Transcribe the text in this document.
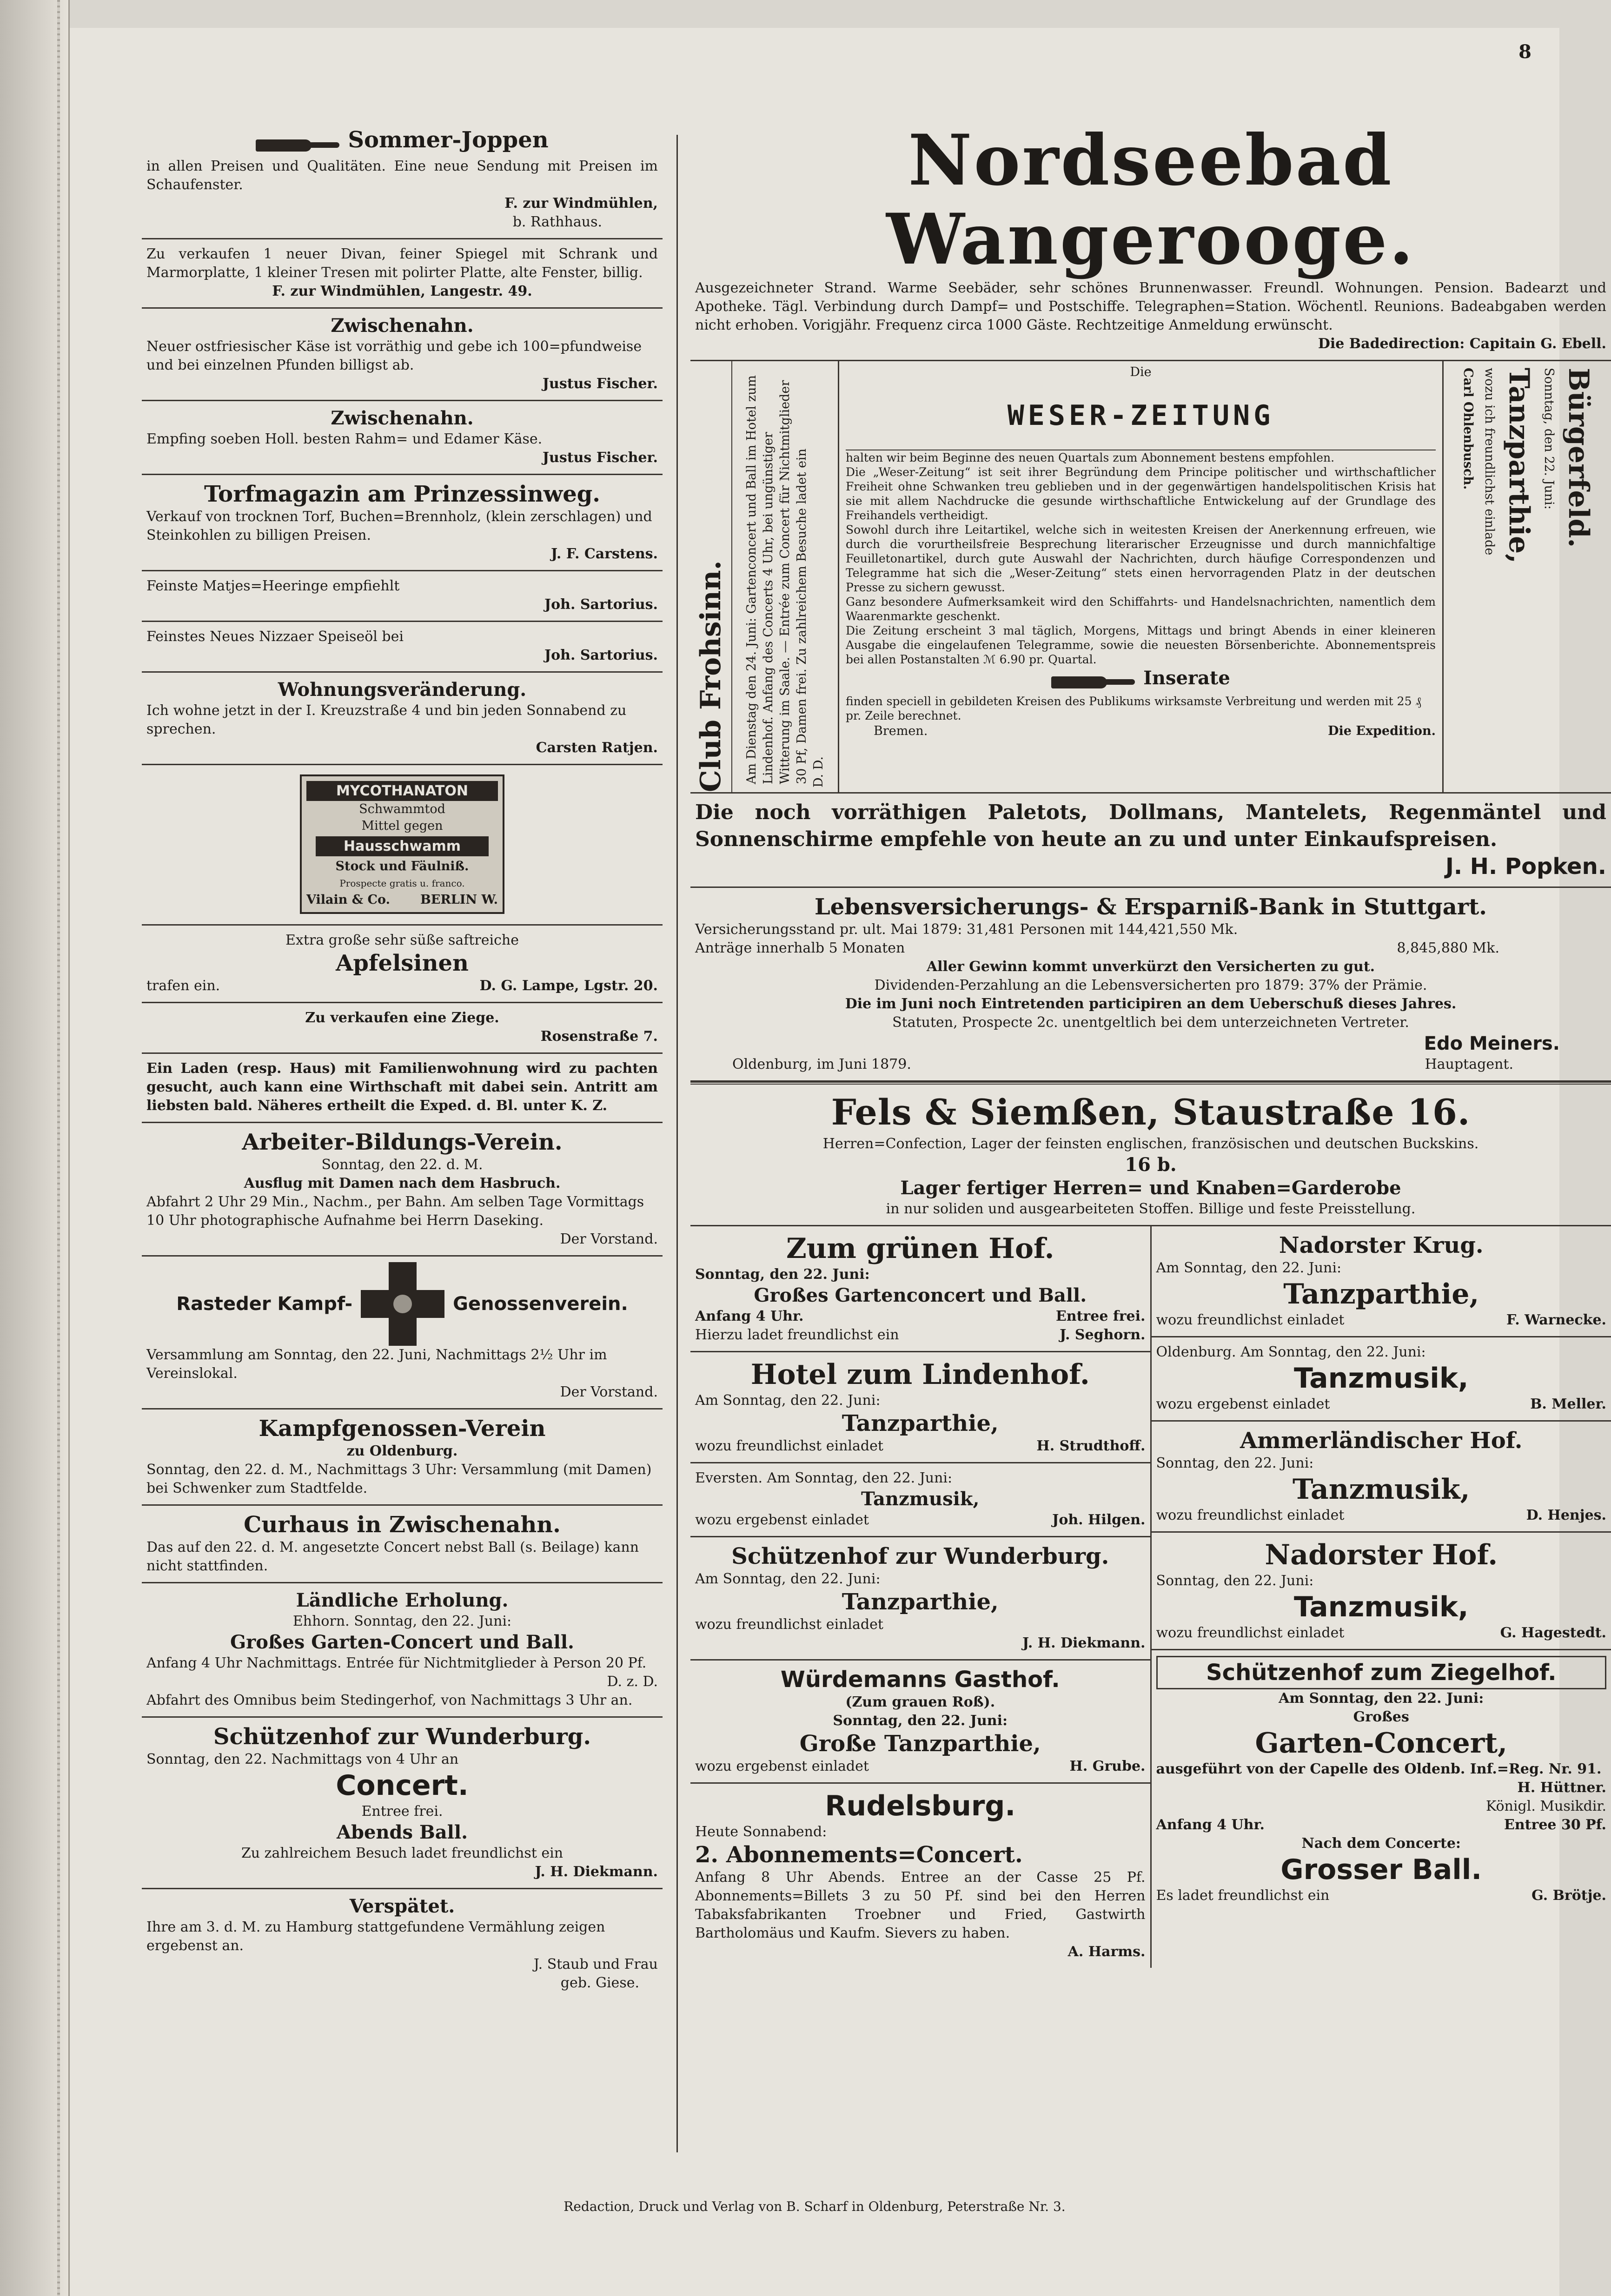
8
Sommer-Joppen
in allen Preisen und Qualitäten. Eine neue Sendung mit Preisen im Schaufenster.
F. zur Windmühlen,
b. Rathhaus.
Zu verkaufen 1 neuer Divan, feiner Spiegel mit Schrank und Marmorplatte, 1 kleiner Tresen mit polirter Platte, alte Fenster, billig.
F. zur Windmühlen, Langestr. 49.
Zwischenahn.
Neuer ostfriesischer Käse ist vorräthig und gebe ich 100=pfundweise und bei einzelnen Pfunden billigst ab.
Justus Fischer.
Zwischenahn.
Empfing soeben Holl. besten Rahm= und Edamer Käse.
Justus Fischer.
Torfmagazin am Prinzessinweg.
Verkauf von trocknen Torf, Buchen=Brennholz, (klein zerschlagen) und Steinkohlen zu billigen Preisen.
J. F. Carstens.
Feinste Matjes=Heeringe empfiehlt
Joh. Sartorius.
Feinstes Neues Nizzaer Speiseöl bei
Joh. Sartorius.
Wohnungsveränderung.
Ich wohne jetzt in der I. Kreuzstraße 4 und bin jeden Sonnabend zu sprechen.
Carsten Ratjen.
MYCOTHANATON
Schwammtod
Mittel gegen
Hausschwamm
Stock und Fäulniß.
Prospecte gratis u. franco.
Vilain & Co. BERLIN W.
Extra große sehr süße saftreiche
Apfelsinen
trafen ein.	D. G. Lampe, Lgstr. 20.
Zu verkaufen eine Ziege.
Rosenstraße 7.
Ein Laden (resp. Haus) mit Familienwohnung wird zu pachten gesucht, auch kann eine Wirthschaft mit dabei sein. Antritt am liebsten bald. Näheres ertheilt die Exped. d. Bl. unter K. Z.
Arbeiter-Bildungs-Verein.
Sonntag, den 22. d. M.
Ausflug mit Damen nach dem Hasbruch.
Abfahrt 2 Uhr 29 Min., Nachm., per Bahn. Am selben Tage Vormittags 10 Uhr photographische Aufnahme bei Herrn Daseking.
Der Vorstand.
Rasteder Kampf-	Genossenverein.
Versammlung am Sonntag, den 22. Juni, Nachmittags 2½ Uhr im Vereinslokal.
Der Vorstand.
Kampfgenossen-Verein
zu Oldenburg.
Sonntag, den 22. d. M., Nachmittags 3 Uhr: Versammlung (mit Damen) bei Schwenker zum Stadtfelde.
Curhaus in Zwischenahn.
Das auf den 22. d. M. angesetzte Concert nebst Ball (s. Beilage) kann nicht stattfinden.
Ländliche Erholung.
Ehhorn. Sonntag, den 22. Juni:
Großes Garten-Concert und Ball.
Anfang 4 Uhr Nachmittags. Entrée für Nichtmitglieder à Person 20 Pf.
D. z. D.
Abfahrt des Omnibus beim Stedingerhof, von Nachmittags 3 Uhr an.
Schützenhof zur Wunderburg.
Sonntag, den 22. Nachmittags von 4 Uhr an
Concert.
Entree frei.
Abends Ball.
Zu zahlreichem Besuch ladet freundlichst ein
J. H. Diekmann.
Verspätet.
Ihre am 3. d. M. zu Hamburg stattgefundene Vermählung zeigen ergebenst an.
J. Staub und Frau
geb. Giese.
Nordseebad Wangerooge.
Ausgezeichneter Strand. Warme Seebäder, sehr schönes Brunnenwasser. Freundl. Wohnungen. Pension. Badearzt und Apotheke. Tägl. Verbindung durch Dampf= und Postschiffe. Telegraphen=Station. Wöchentl. Reunions. Badeabgaben werden nicht erhoben. Vorigjähr. Frequenz circa 1000 Gäste. Rechtzeitige Anmeldung erwünscht.
Die Badedirection: Capitain G. Ebell.
Club Frohsinn. Am Dienstag den 24. Juni: Gartenconcert und Ball im Hotel zum Lindenhof. Anfang des Concerts 4 Uhr, bei ungünstiger Witterung im Saale. — Entrée zum Concert für Nichtmitglieder 30 Pf, Damen frei. Zu zahlreichem Besuche ladet ein D. D.
Die
WESER-ZEITUNG
halten wir beim Beginne des neuen Quartals zum Abonnement bestens empfohlen.
Die „Weser-Zeitung“ ist seit ihrer Begründung dem Principe politischer und wirthschaftlicher Freiheit ohne Schwanken treu geblieben und in der gegenwärtigen handelspolitischen Krisis hat sie mit allem Nachdrucke die gesunde wirthschaftliche Entwickelung auf der Grundlage des Freihandels vertheidigt.
Sowohl durch ihre Leitartikel, welche sich in weitesten Kreisen der Anerkennung erfreuen, wie durch die vorurtheilsfreie Besprechung literarischer Erzeugnisse und durch mannichfaltige Feuilletonartikel, durch gute Auswahl der Nachrichten, durch häufige Correspondenzen und Telegramme hat sich die „Weser-Zeitung“ stets einen hervorragenden Platz in der deutschen Presse zu sichern gewusst.
Ganz besondere Aufmerksamkeit wird den Schiffahrts- und Handelsnachrichten, namentlich dem Waarenmarkte geschenkt.
Die Zeitung erscheint 3 mal täglich, Morgens, Mittags und bringt Abends in einer kleineren Ausgabe die eingelaufenen Telegramme, sowie die neuesten Börsenberichte. Abonnementspreis bei allen Postanstalten ℳ 6.90 pr. Quartal.
Inserate
finden speciell in gebildeten Kreisen des Publikums wirksamste Verbreitung und werden mit 25 ₰ pr. Zeile berechnet.
Bremen.	Die Expedition.
Carl Ohlenbusch. wozu ich freundlichst einlade Tanzparthie, Sonntag, den 22. Juni: Bürgerfeld.
Die noch vorräthigen Paletots, Dollmans, Mantelets, Regenmäntel und Sonnenschirme empfehle von heute an zu und unter Einkaufspreisen.
J. H. Popken.
Lebensversicherungs- & Ersparniß-Bank in Stuttgart.
Versicherungsstand pr. ult. Mai 1879: 31,481 Personen mit 144,421,550 Mk.
Anträge innerhalb 5 Monaten	8,845,880 Mk.
Aller Gewinn kommt unverkürzt den Versicherten zu gut.
Dividenden-Perzahlung an die Lebensversicherten pro 1879: 37% der Prämie.
Die im Juni noch Eintretenden participiren an dem Ueberschuß dieses Jahres.
Statuten, Prospecte 2c. unentgeltlich bei dem unterzeichneten Vertreter.
Edo Meiners.
Oldenburg, im Juni 1879.	Hauptagent.
Fels & Siemßen, Staustraße 16.
Herren=Confection, Lager der feinsten englischen, französischen und deutschen Buckskins.
16 b.
Lager fertiger Herren= und Knaben=Garderobe
in nur soliden und ausgearbeiteten Stoffen. Billige und feste Preisstellung.
Zum grünen Hof.
Sonntag, den 22. Juni:
Großes Gartenconcert und Ball.
Anfang 4 Uhr.	Entree frei.
Hierzu ladet freundlichst ein	J. Seghorn.
Hotel zum Lindenhof.
Am Sonntag, den 22. Juni:
Tanzparthie,
wozu freundlichst einladet	H. Strudthoff.
Eversten. Am Sonntag, den 22. Juni:
Tanzmusik,
wozu ergebenst einladet	Joh. Hilgen.
Schützenhof zur Wunderburg.
Am Sonntag, den 22. Juni:
Tanzparthie,
wozu freundlichst einladet
J. H. Diekmann.
Würdemanns Gasthof.
(Zum grauen Roß).
Sonntag, den 22. Juni:
Große Tanzparthie,
wozu ergebenst einladet	H. Grube.
Rudelsburg.
Heute Sonnabend:
2. Abonnements=Concert.
Anfang 8 Uhr Abends. Entree an der Casse 25 Pf. Abonnements=Billets 3 zu 50 Pf. sind bei den Herren Tabaksfabrikanten Troebner und Fried, Gastwirth Bartholomäus und Kaufm. Sievers zu haben.
A. Harms.
Nadorster Krug.
Am Sonntag, den 22. Juni:
Tanzparthie,
wozu freundlichst einladet	F. Warnecke.
Oldenburg. Am Sonntag, den 22. Juni:
Tanzmusik,
wozu ergebenst einladet	B. Meller.
Ammerländischer Hof.
Sonntag, den 22. Juni:
Tanzmusik,
wozu freundlichst einladet	D. Henjes.
Nadorster Hof.
Sonntag, den 22. Juni:
Tanzmusik,
wozu freundlichst einladet	G. Hagestedt.
Schützenhof zum Ziegelhof.
Am Sonntag, den 22. Juni:
Großes
Garten-Concert,
ausgeführt von der Capelle des Oldenb. Inf.=Reg. Nr. 91.
H. Hüttner.
Königl. Musikdir.
Anfang 4 Uhr.	Entree 30 Pf.
Nach dem Concerte:
Grosser Ball.
Es ladet freundlichst ein	G. Brötje.
Redaction, Druck und Verlag von B. Scharf in Oldenburg, Peterstraße Nr. 3.
